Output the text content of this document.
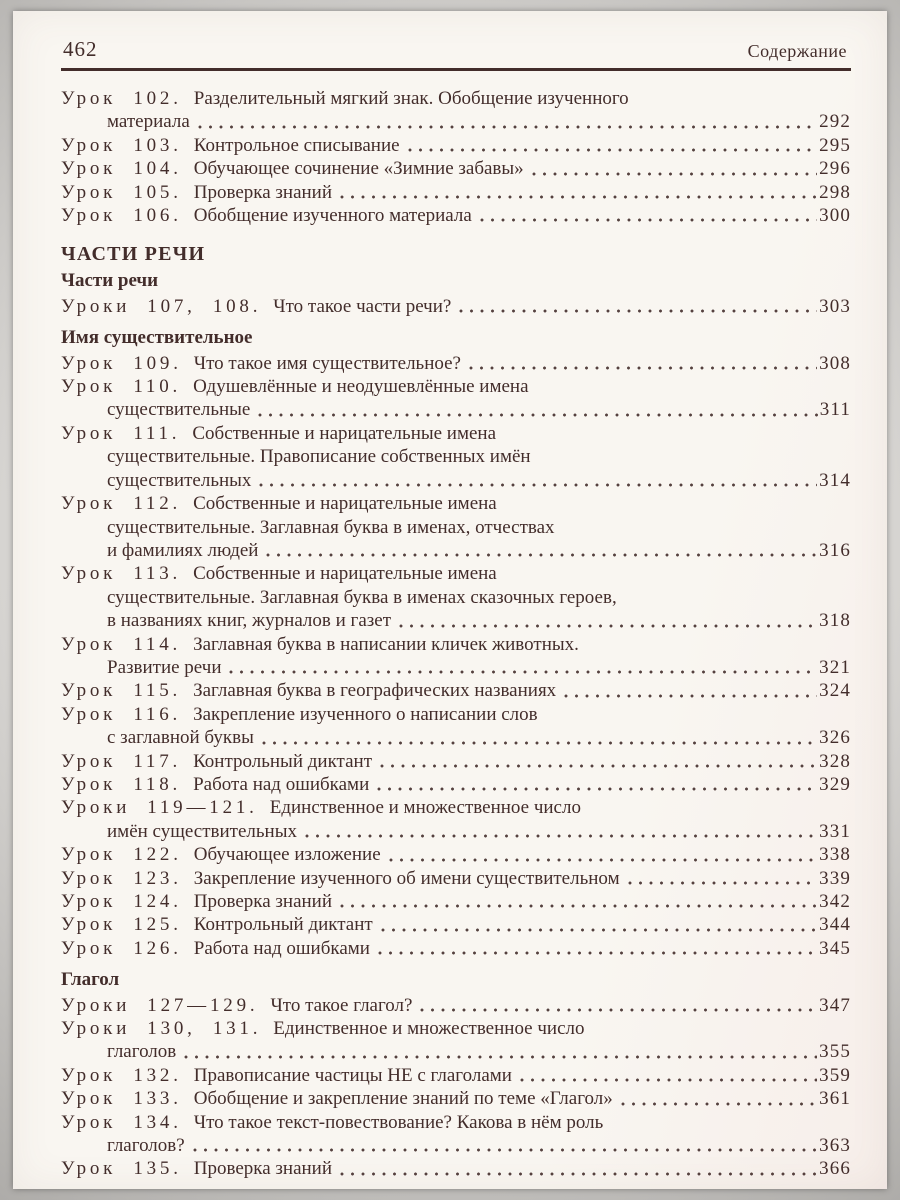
462	Содержание
Урок 102. Разделительный мягкий знак. Обобщение изученного
материала	292
Урок 103. Контрольное списывание	295
Урок 104. Обучающее сочинение «Зимние забавы»	296
Урок 105. Проверка знаний	298
Урок 106. Обобщение изученного материала	300
ЧАСТИ РЕЧИ
Части речи
Уроки 107, 108. Что такое части речи?	303
Имя существительное
Урок 109. Что такое имя существительное?	308
Урок 110. Одушевлённые и неодушевлённые имена
существительные	311
Урок 111. Собственные и нарицательные имена
существительные. Правописание собственных имён
существительных	314
Урок 112. Собственные и нарицательные имена
существительные. Заглавная буква в именах, отчествах
и фамилиях людей	316
Урок 113. Собственные и нарицательные имена
существительные. Заглавная буква в именах сказочных героев,
в названиях книг, журналов и газет	318
Урок 114. Заглавная буква в написании кличек животных.
Развитие речи	321
Урок 115. Заглавная буква в географических названиях	324
Урок 116. Закрепление изученного о написании слов
с заглавной буквы	326
Урок 117. Контрольный диктант	328
Урок 118. Работа над ошибками	329
Уроки 119—121. Единственное и множественное число
имён существительных	331
Урок 122. Обучающее изложение	338
Урок 123. Закрепление изученного об имени существительном	339
Урок 124. Проверка знаний	342
Урок 125. Контрольный диктант	344
Урок 126. Работа над ошибками	345
Глагол
Уроки 127—129. Что такое глагол?	347
Уроки 130, 131. Единственное и множественное число
глаголов	355
Урок 132. Правописание частицы НЕ с глаголами	359
Урок 133. Обобщение и закрепление знаний по теме «Глагол»	361
Урок 134. Что такое текст-повествование? Какова в нём роль
глаголов?	363
Урок 135. Проверка знаний	366
